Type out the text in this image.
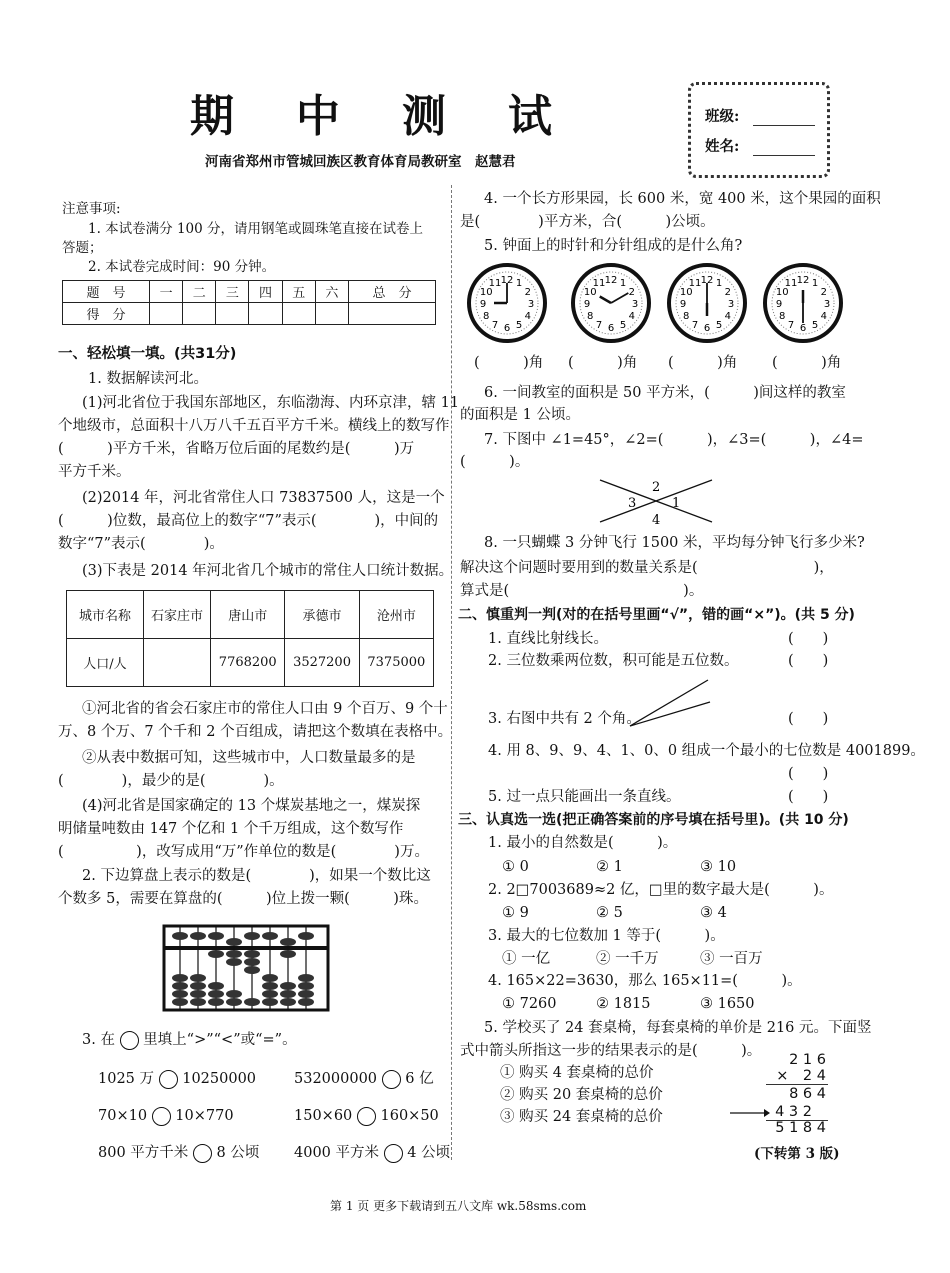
期中测试	班级:
姓名:
河南省郑州市管城回族区教育体育局教研室　赵慧君
注意事项:
1. 本试卷满分 100 分，请用钢笔或圆珠笔直接在试卷上
答题；
2. 本试卷完成时间：90 分钟。
题　号	一	二	三	四	五	六	总　分
得　分							
一、轻松填一填。(共31分)
1. 数据解读河北。
(1)河北省位于我国东部地区，东临渤海、内环京津，辖 11
个地级市，总面积十八万八千五百平方千米。横线上的数写作
(　　　)平方千米，省略万位后面的尾数约是(　　　)万
平方千米。
(2)2014 年，河北省常住人口 73837500 人，这是一个
(　　　)位数，最高位上的数字“7”表示(　　　　)，中间的
数字“7”表示(　　　　)。
(3)下表是 2014 年河北省几个城市的常住人口统计数据。
城市名称	石家庄市	唐山市	承德市	沧州市
人口/人		7768200	3527200	7375000
①河北省的省会石家庄市的常住人口由 9 个百万、9 个十
万、8 个万、7 个千和 2 个百组成，请把这个数填在表格中。
②从表中数据可知，这些城市中，人口数量最多的是
(　　　　)，最少的是(　　　　)。
(4)河北省是国家确定的 13 个煤炭基地之一，煤炭探
明储量吨数由 147 个亿和 1 个千万组成，这个数写作
(　　　　　)，改写成用“万”作单位的数是(　　　　)万。
2. 下边算盘上表示的数是(　　　　)，如果一个数比这
个数多 5，需要在算盘的(　　　)位上拨一颗(　　　)珠。
3. 在 里填上“>”“<”或“=”。
1025 万 10250000	532000000 6 亿
70×10 10×770	150×60 160×50
800 平方千米 8 公顷 4000 平方米 4 公顷
4. 一个长方形果园，长 600 米，宽 400 米，这个果园的面积
是(　　　　)平方米，合(　　　)公顷。
5. 钟面上的时针和分针组成的是什么角?
12 1
2
3
4
5
6
7
8
9
10
11	12 1
2
3
4
5
6
7
8
9
10
11	12 1
2
3
4
5
6
7
8
9
10
11	12 1
2
3
4
5
6
7
8
9
10
11
(　　　)角 (　　　)角 (　　　)角 (　　　)角
6. 一间教室的面积是 50 平方米，(　　　)间这样的教室
的面积是 1 公顷。
7. 下图中 ∠1=45°，∠2=(　　　)，∠3=(　　　)，∠4=
(　　　)。
2
3	1
4
8. 一只蝴蝶 3 分钟飞行 1500 米，平均每分钟飞行多少米?
解决这个问题时要用到的数量关系是(　　　　　　　　)，
算式是(　　　　　　　　　　　　)。
二、慎重判一判(对的在括号里画“√”，错的画“×”)。(共 5 分)
1. 直线比射线长。	(　　)
2. 三位数乘两位数，积可能是五位数。	(　　)
3. 右图中共有 2 个角。	(　　)
4. 用 8、9、9、4、1、0、0 组成一个最小的七位数是 4001899。
(　　)
5. 过一点只能画出一条直线。	(　　)
三、认真选一选(把正确答案前的序号填在括号里)。(共 10 分)
1. 最小的自然数是(　　　)。
① 0	② 1	③ 10
2. 2□7003689≈2 亿，□里的数字最大是(　　　)。
① 9	② 5	③ 4
3. 最大的七位数加 1 等于(　　　)。
① 一亿	② 一千万	③ 一百万
4. 165×22=3630，那么 165×11=(　　　)。
① 7260	② 1815	③ 1650
5. 学校买了 24 套桌椅，每套桌椅的单价是 216 元。下面竖
式中箭头所指这一步的结果表示的是(　　　)。
① 购买 4 套桌椅的总价
② 购买 20 套桌椅的总价
③ 购买 24 套桌椅的总价
2 1 6
×　2 4
8 6 4
4 3 2
5 1 8 4
(下转第 3 版)
第 1 页 更多下载请到五八文库 wk.58sms.com
